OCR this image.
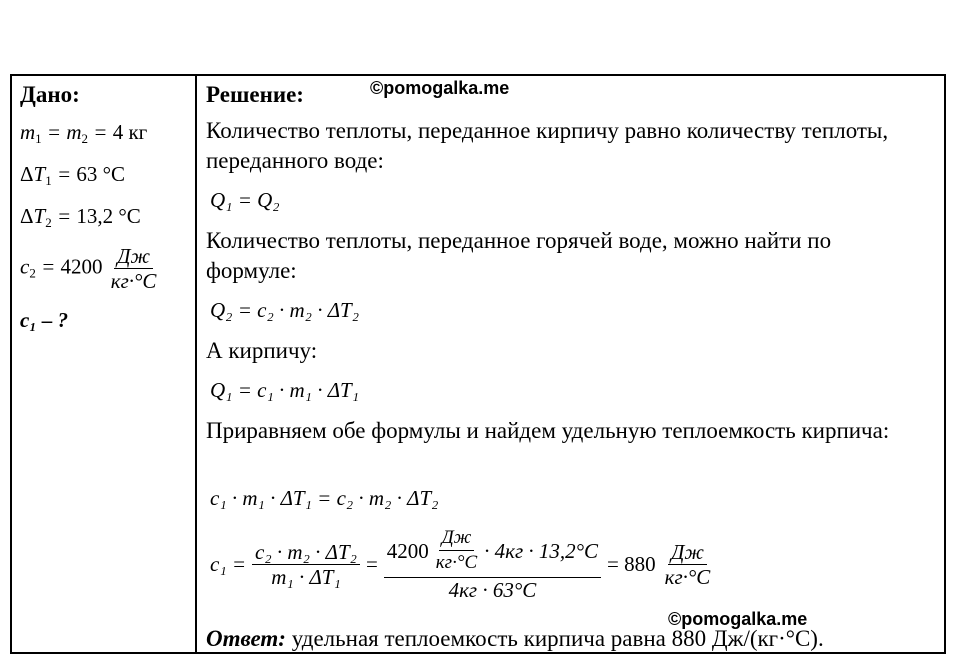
©pomogalka.me
Дано:
$m_1 = m_2 = 4$ кг
$\Delta T_1 = 63$ °C
$\Delta T_2 = 13,2$ °C
$c_2 = 4200 \frac{Дж}{кг\cdot^\circ C}$
c₁ – ?
Решение:
Количество теплоты, переданное кирпичу равно количеству теплоты, переданного воде:
Q₁ = Q₂
Количество теплоты, переданное горячей воде, можно найти по формуле:
Q₂ = c₂ · m₂ · ΔT₂
А кирпичу:
Q₁ = c₁ · m₁ · ΔT₁
Приравняем обе формулы и найдем удельную теплоемкость кирпича:
c₁ · m₁ · ΔT₁ = c₂ · m₂ · ΔT₂
$c_1 = \frac{\text{c₂ · m₂ · ΔT₂}}{\text{m₁ · ΔT₁}}$ =
$4200 \frac{Дж}{кг\cdot^\circ C} \cdot 4кг \cdot 13,2^\circ C$
4кг · 63°C
= $880 \frac{Дж}{кг\cdot^\circ C}$
Ответ: удельная теплоемкость кирпича равна 880 Дж/(кг·°С).
©pomogalka.me
